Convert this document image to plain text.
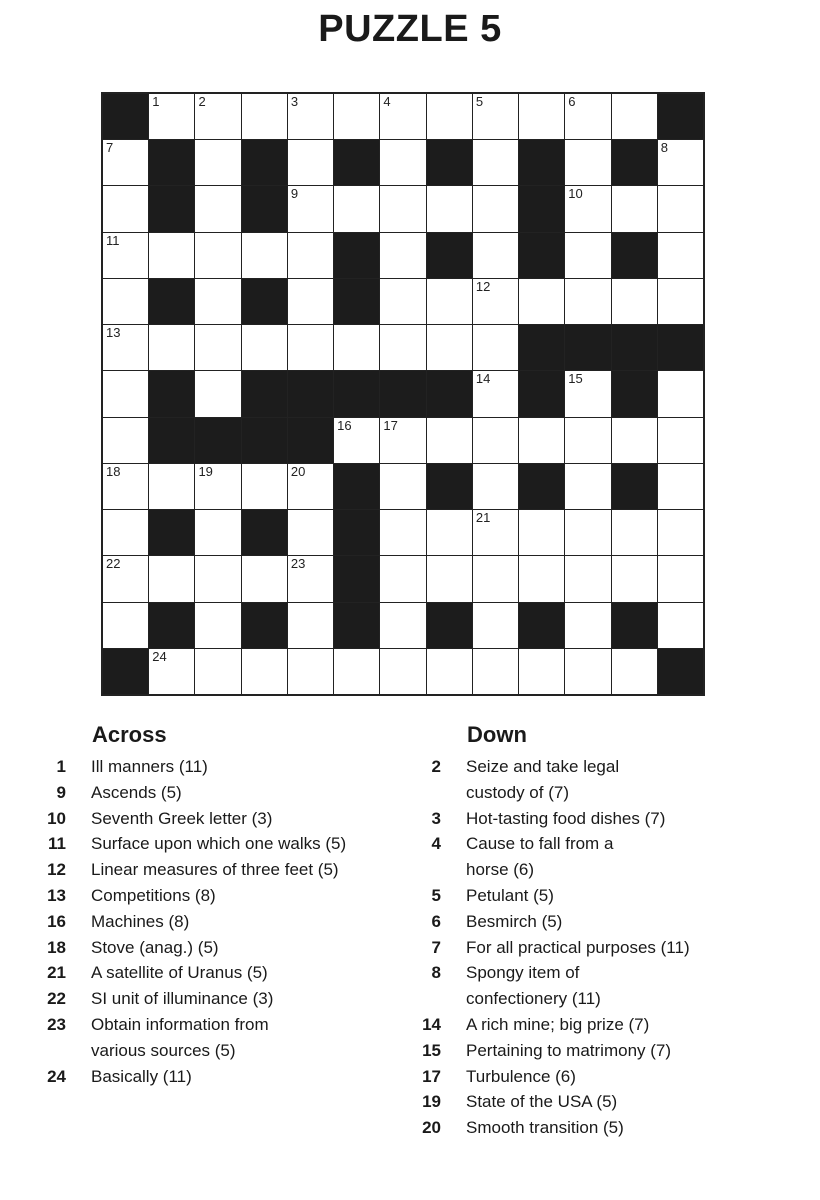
PUZZLE 5
1	2	3	4	5	6
7	8
9	10
11
12
13
14	15
16 17
18	19	20
21
22	23
24
Across
1 Ill manners (11)
9 Ascends (5)
10 Seventh Greek letter (3)
11 Surface upon which one walks (5)
12 Linear measures of three feet (5)
13 Competitions (8)
16 Machines (8)
18 Stove (anag.) (5)
21 A satellite of Uranus (5)
22 SI unit of illuminance (3)
23 Obtain information from
various sources (5)
24 Basically (11)
Down
2 Seize and take legal
custody of (7)
3 Hot-tasting food dishes (7)
4 Cause to fall from a
horse (6)
5 Petulant (5)
6 Besmirch (5)
7 For all practical purposes (11)
8 Spongy item of
confectionery (11)
14 A rich mine; big prize (7)
15 Pertaining to matrimony (7)
17 Turbulence (6)
19 State of the USA (5)
20 Smooth transition (5)
